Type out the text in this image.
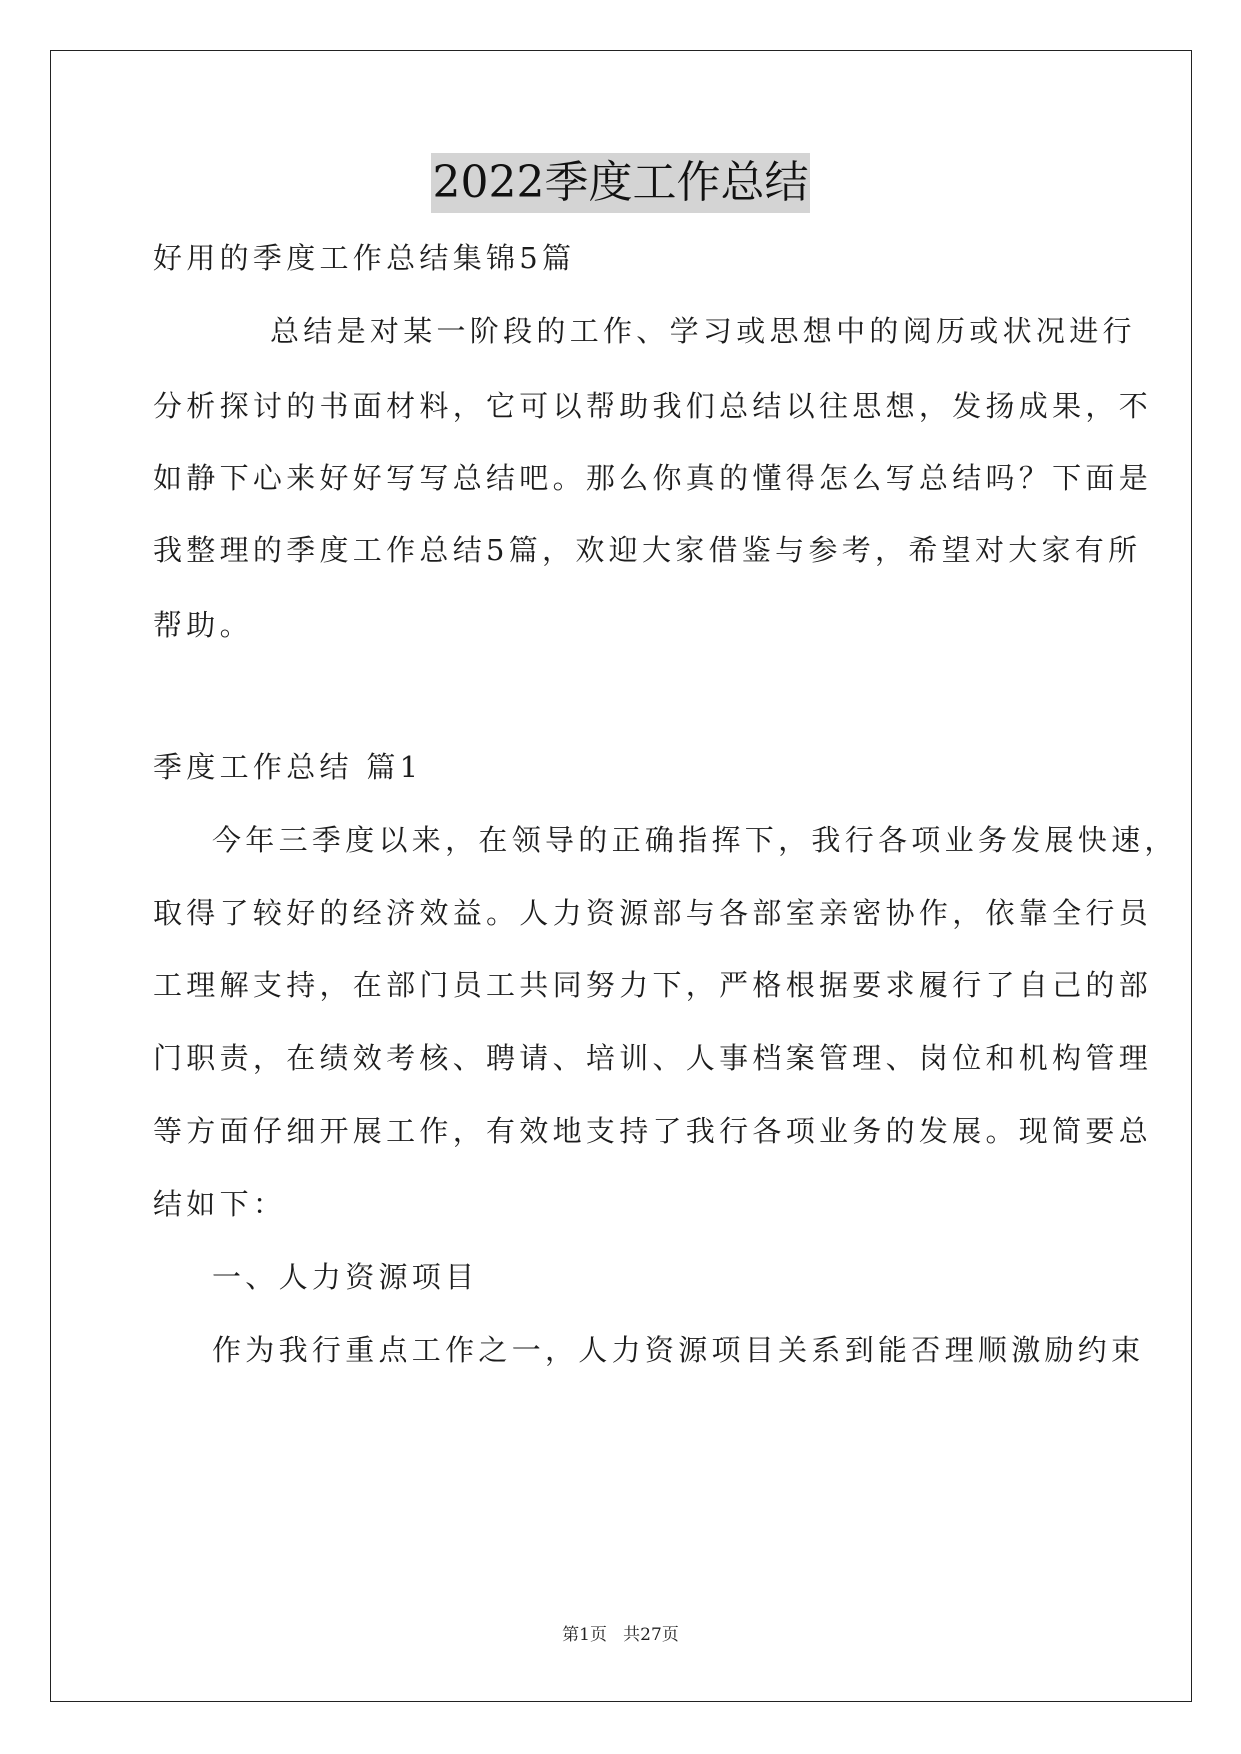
2022季度工作总结
好用的季度工作总结集锦5篇
总结是对某一阶段的工作、学习或思想中的阅历或状况进行
分析探讨的书面材料，它可以帮助我们总结以往思想，发扬成果，不
如静下心来好好写写总结吧。那么你真的懂得怎么写总结吗？下面是
我整理的季度工作总结5篇，欢迎大家借鉴与参考，希望对大家有所
帮助。
季度工作总结 篇1
今年三季度以来，在领导的正确指挥下，我行各项业务发展快速，
取得了较好的经济效益。人力资源部与各部室亲密协作，依靠全行员
工理解支持，在部门员工共同努力下，严格根据要求履行了自己的部
门职责，在绩效考核、聘请、培训、人事档案管理、岗位和机构管理
等方面仔细开展工作，有效地支持了我行各项业务的发展。现简要总
结如下：
一、人力资源项目
作为我行重点工作之一，人力资源项目关系到能否理顺激励约束
第1页   共27页
